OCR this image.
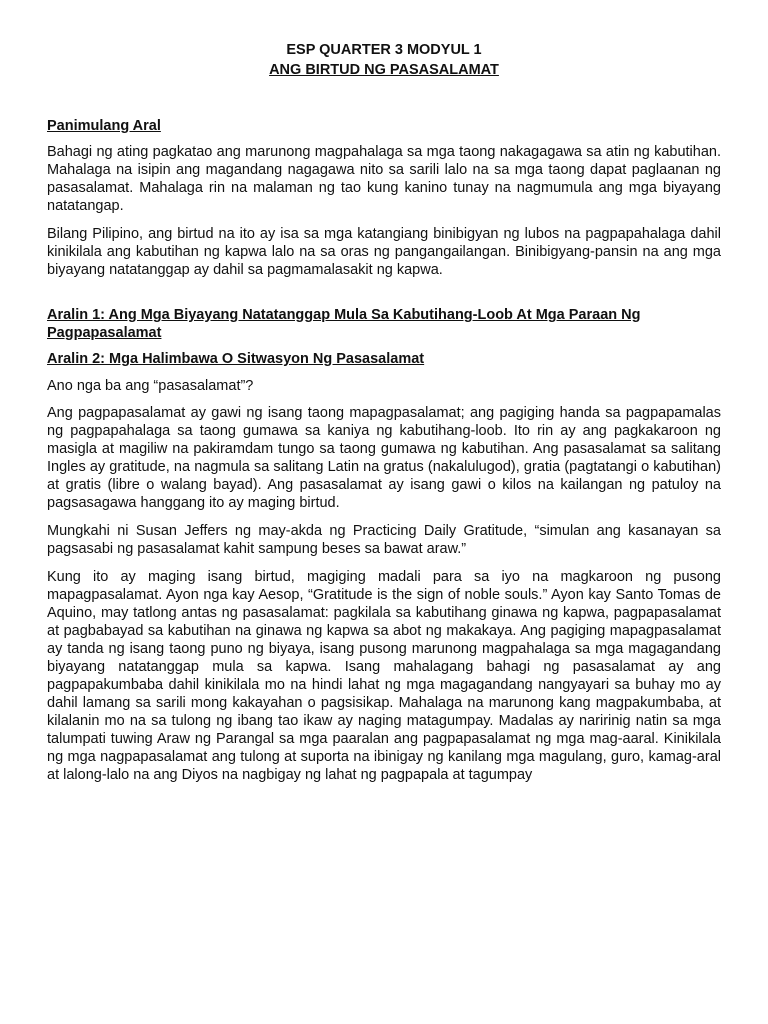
ESP QUARTER 3 MODYUL 1
ANG BIRTUD NG PASASALAMAT

Panimulang Aral

Bahagi ng ating pagkatao ang marunong magpahalaga sa mga taong nakagagawa sa atin ng kabutihan. Mahalaga na isipin ang magandang nagagawa nito sa sarili lalo na sa mga taong dapat paglaanan ng pasasalamat. Mahalaga rin na malaman ng tao kung kanino tunay na nagmumula ang mga biyayang natatangap.

Bilang Pilipino, ang birtud na ito ay isa sa mga katangiang binibigyan ng lubos na pagpapahalaga dahil kinikilala ang kabutihan ng kapwa lalo na sa oras ng pangangailangan. Binibigyang-pansin na ang mga biyayang natatanggap ay dahil sa pagmamalasakit ng kapwa.

Aralin 1: Ang Mga Biyayang Natatanggap Mula Sa Kabutihang-Loob At Mga Paraan Ng Pagpapasalamat

Aralin 2: Mga Halimbawa O Sitwasyon Ng Pasasalamat

Ano nga ba ang “pasasalamat”?

Ang pagpapasalamat ay gawi ng isang taong mapagpasalamat; ang pagiging handa sa pagpapamalas ng pagpapahalaga sa taong gumawa sa kaniya ng kabutihang-loob. Ito rin ay ang pagkakaroon ng masigla at magiliw na pakiramdam tungo sa taong gumawa ng kabutihan. Ang pasasalamat sa salitang Ingles ay gratitude, na nagmula sa salitang Latin na gratus (nakalulugod), gratia (pagtatangi o kabutihan) at gratis (libre o walang bayad). Ang pasasalamat ay isang gawi o kilos na kailangan ng patuloy na pagsasagawa hanggang ito ay maging birtud.

Mungkahi ni Susan Jeffers ng may-akda ng Practicing Daily Gratitude, “simulan ang kasanayan sa pagsasabi ng pasasalamat kahit sampung beses sa bawat araw.”

Kung ito ay maging isang birtud, magiging madali para sa iyo na magkaroon ng pusong mapagpasalamat. Ayon nga kay Aesop, “Gratitude is the sign of noble souls.” Ayon kay Santo Tomas de Aquino, may tatlong antas ng pasasalamat: pagkilala sa kabutihang ginawa ng kapwa, pagpapasalamat at pagbabayad sa kabutihan na ginawa ng kapwa sa abot ng makakaya. Ang pagiging mapagpasalamat ay tanda ng isang taong puno ng biyaya, isang pusong marunong magpahalaga sa mga magagandang biyayang natatanggap mula sa kapwa. Isang mahalagang bahagi ng pasasalamat ay ang pagpapakumbaba dahil kinikilala mo na hindi lahat ng mga magagandang nangyayari sa buhay mo ay dahil lamang sa sarili mong kakayahan o pagsisikap. Mahalaga na marunong kang magpakumbaba, at kilalanin mo na sa tulong ng ibang tao ikaw ay naging matagumpay. Madalas ay naririnig natin sa mga talumpati tuwing Araw ng Parangal sa mga paaralan ang pagpapasalamat ng mga mag-aaral. Kinikilala ng mga nagpapasalamat ang tulong at suporta na ibinigay ng kanilang mga magulang, guro, kamag-aral at lalong-lalo na ang Diyos na nagbigay ng lahat ng pagpapala at tagumpay
